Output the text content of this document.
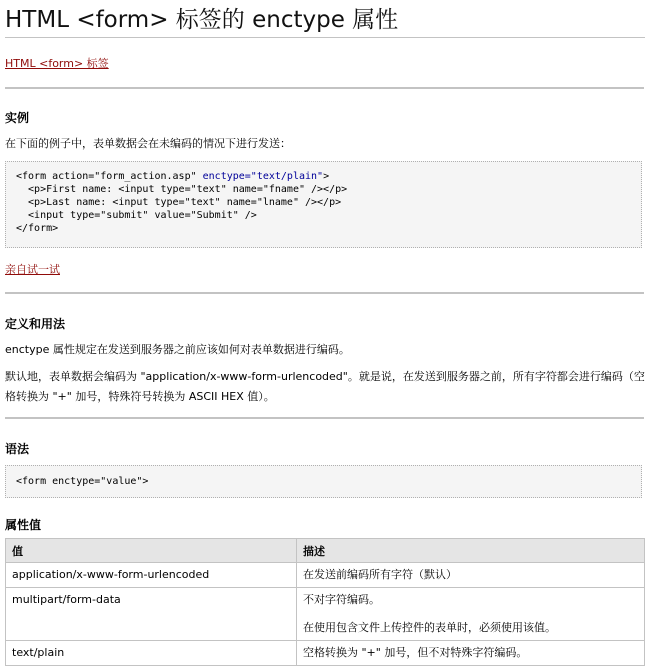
HTML <form> 标签的 enctype 属性
HTML <form> 标签
实例

在下面的例子中，表单数据会在未编码的情况下进行发送：

<form action="form_action.asp" enctype="text/plain">
<p>First name: <input type="text" name="fname" /></p>
<p>Last name: <input type="text" name="lname" /></p>
<input type="submit" value="Submit" />
</form>
亲自试一试
定义和用法

enctype 属性规定在发送到服务器之前应该如何对表单数据进行编码。

默认地，表单数据会编码为 "application/x-www-form-urlencoded"。就是说，在发送到服务器之前，所有字符都会进行编码（空
格转换为 "+" 加号，特殊符号转换为 ASCII HEX 值）。

语法
<form enctype="value">
属性值
值	描述
application/x-www-form-urlencoded	在发送前编码所有字符（默认）

multipart/form-data	不对字符编码。

在使用包含文件上传控件的表单时，必须使用该值。

text/plain	空格转换为 "+" 加号，但不对特殊字符编码。
